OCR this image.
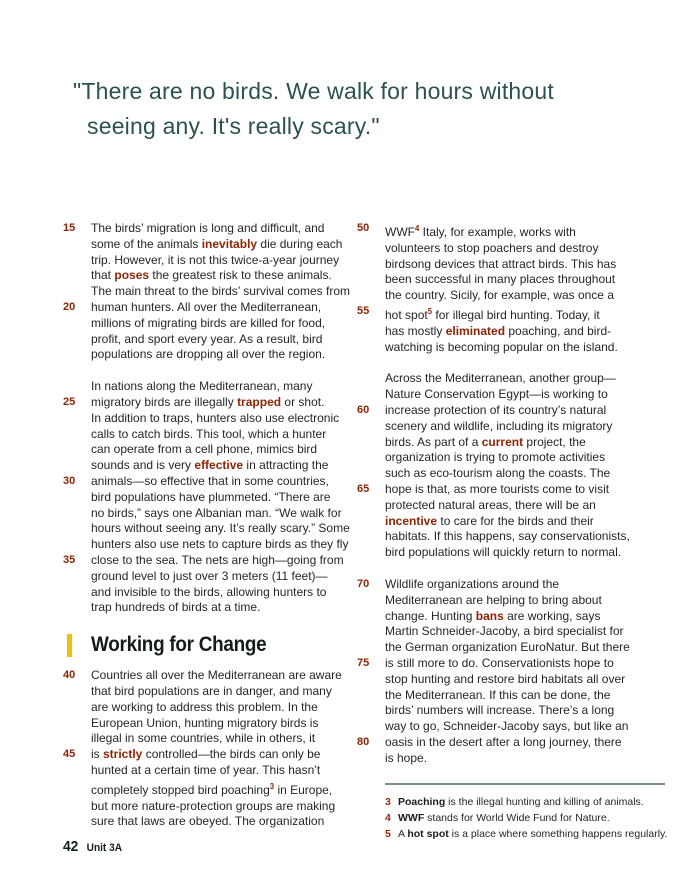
"There are no birds. We walk for hours without
seeing any. It's really scary."
15	The birds’ migration is long and difficult, and
some of the animals inevitably die during each
trip. However, it is not this twice-a-year journey
that poses the greatest risk to these animals.
The main threat to the birds’ survival comes from
20	human hunters. All over the Mediterranean,
millions of migrating birds are killed for food,
profit, and sport every year. As a result, bird
populations are dropping all over the region.
In nations along the Mediterranean, many
25	migratory birds are illegally trapped or shot.
In addition to traps, hunters also use electronic
calls to catch birds. This tool, which a hunter
can operate from a cell phone, mimics bird
sounds and is very effective in attracting the
30	animals—so effective that in some countries,
bird populations have plummeted. “There are
no birds,” says one Albanian man. “We walk for
hours without seeing any. It’s really scary.” Some
hunters also use nets to capture birds as they fly
35	close to the sea. The nets are high—going from
ground level to just over 3 meters (11 feet)—
and invisible to the birds, allowing hunters to
trap hundreds of birds at a time.
Working for Change
40	Countries all over the Mediterranean are aware
that bird populations are in danger, and many
are working to address this problem. In the
European Union, hunting migratory birds is
illegal in some countries, while in others, it
45	is strictly controlled—the birds can only be
hunted at a certain time of year. This hasn’t
completely stopped bird poaching$^3$ in Europe,
but more nature-protection groups are making
sure that laws are obeyed. The organization
50	WWF$^4$ Italy, for example, works with
volunteers to stop poachers and destroy
birdsong devices that attract birds. This has
been successful in many places throughout
the country. Sicily, for example, was once a
55	hot spot$^5$ for illegal bird hunting. Today, it
has mostly eliminated poaching, and bird-
watching is becoming popular on the island.
Across the Mediterranean, another group—
Nature Conservation Egypt—is working to
60	increase protection of its country’s natural
scenery and wildlife, including its migratory
birds. As part of a current project, the
organization is trying to promote activities
such as eco-tourism along the coasts. The
65	hope is that, as more tourists come to visit
protected natural areas, there will be an
incentive to care for the birds and their
habitats. If this happens, say conservationists,
bird populations will quickly return to normal.
70	Wildlife organizations around the
Mediterranean are helping to bring about
change. Hunting bans are working, says
Martin Schneider-Jacoby, a bird specialist for
the German organization EuroNatur. But there
75	is still more to do. Conservationists hope to
stop hunting and restore bird habitats all over
the Mediterranean. If this can be done, the
birds’ numbers will increase. There’s a long
way to go, Schneider-Jacoby says, but like an
80	oasis in the desert after a long journey, there
is hope.
3 Poaching is the illegal hunting and killing of animals.
4 WWF stands for World Wide Fund for Nature.
5 A hot spot is a place where something happens regularly.
42 Unit 3A
